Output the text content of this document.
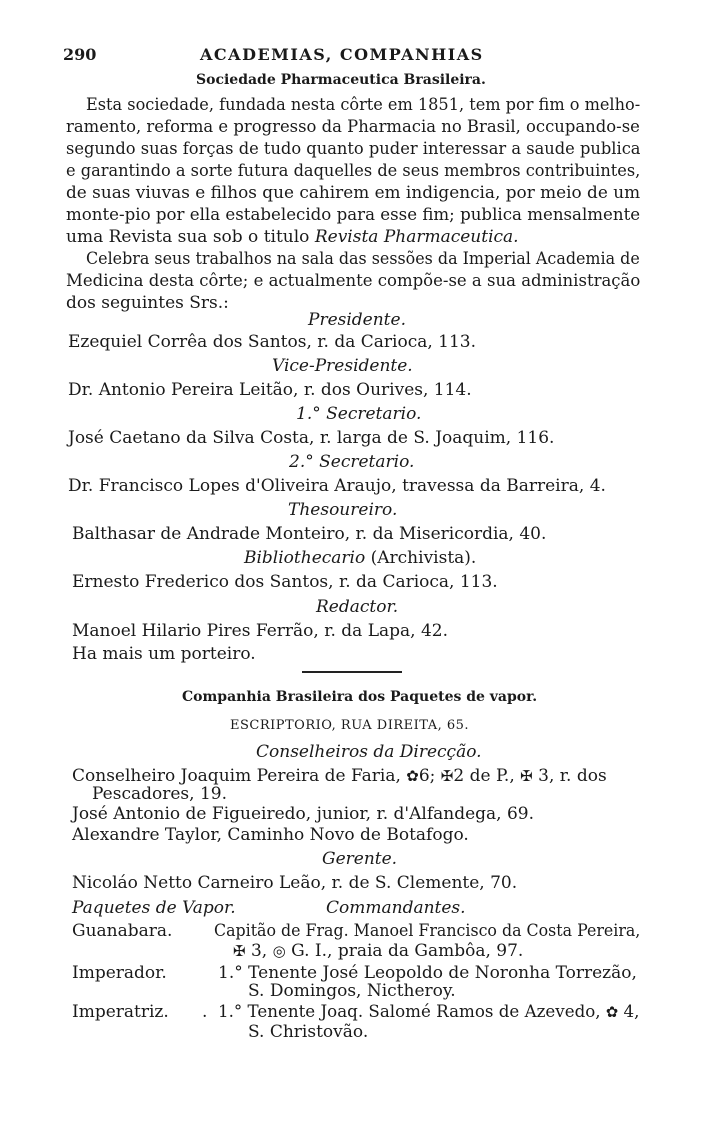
290	ACADEMIAS, COMPANHIAS
Sociedade Pharmaceutica Brasileira.
Esta sociedade, fundada nesta côrte em 1851, tem por fim o melho-
ramento, reforma e progresso da Pharmacia no Brasil, occupando-se
segundo suas forças de tudo quanto puder interessar a saude publica
e garantindo a sorte futura daquelles de seus membros contribuintes,
de suas viuvas e filhos que cahirem em indigencia, por meio de um
monte-pio por ella estabelecido para esse fim; publica mensalmente
uma Revista sua sob o titulo Revista Pharmaceutica.
Celebra seus trabalhos na sala das sessões da Imperial Academia de
Medicina desta côrte; e actualmente compõe-se a sua administração
dos seguintes Srs.:
Presidente.
Ezequiel Corrêa dos Santos, r. da Carioca, 113.
Vice-Presidente.
Dr. Antonio Pereira Leitão, r. dos Ourives, 114.
1.° Secretario.
José Caetano da Silva Costa, r. larga de S. Joaquim, 116.
2.° Secretario.
Dr. Francisco Lopes d'Oliveira Araujo, travessa da Barreira, 4.
Thesoureiro.
Balthasar de Andrade Monteiro, r. da Misericordia, 40.
Bibliothecario (Archivista).
Ernesto Frederico dos Santos, r. da Carioca, 113.
Redactor.
Manoel Hilario Pires Ferrão, r. da Lapa, 42.
Ha mais um porteiro.
Companhia Brasileira dos Paquetes de vapor.
ESCRIPTORIO, RUA DIREITA, 65.
Conselheiros da Direcção.
Conselheiro Joaquim Pereira de Faria, ✿6; ✠2 de P., ✠ 3, r. dos
Pescadores, 19.
José Antonio de Figueiredo, junior, r. d'Alfandega, 69.
Alexandre Taylor, Caminho Novo de Botafogo.
Gerente.
Nicoláo Netto Carneiro Leão, r. de S. Clemente, 70.
Paquetes de Vapor.	Commandantes.
Guanabara. Capitão de Frag. Manoel Francisco da Costa Pereira,
✠ 3, ◎ G. I., praia da Gambôa, 97.
Imperador.	1.° Tenente José Leopoldo de Noronha Torrezão,
S. Domingos, Nictheroy.
Imperatriz. . 1.° Tenente Joaq. Salomé Ramos de Azevedo, ✿ 4,
S. Christovão.
